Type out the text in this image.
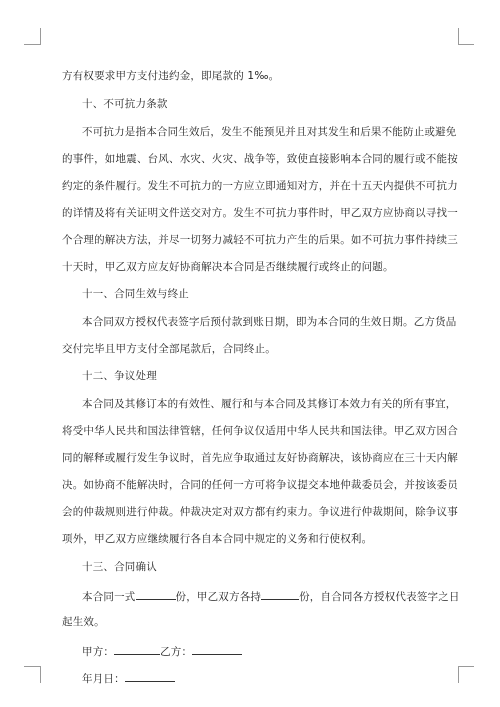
方有权要求甲方支付违约金，即尾款的 1‰。

十、不可抗力条款

不可抗力是指本合同生效后，发生不能预见并且对其发生和后果不能防止或避免

的事件，如地震、台风、水灾、火灾、战争等，致使直接影响本合同的履行或不能按

约定的条件履行。发生不可抗力的一方应立即通知对方，并在十五天内提供不可抗力

的详情及将有关证明文件送交对方。发生不可抗力事件时，甲乙双方应协商以寻找一

个合理的解决方法，并尽一切努力减轻不可抗力产生的后果。如不可抗力事件持续三

十天时，甲乙双方应友好协商解决本合同是否继续履行或终止的问题。

十一、合同生效与终止

本合同双方授权代表签字后预付款到账日期，即为本合同的生效日期。乙方货品

交付完毕且甲方支付全部尾款后，合同终止。

十二、争议处理

本合同及其修订本的有效性、履行和与本合同及其修订本效力有关的所有事宜，

将受中华人民共和国法律管辖，任何争议仅适用中华人民共和国法律。甲乙双方因合

同的解释或履行发生争议时，首先应争取通过友好协商解决，该协商应在三十天内解

决。如协商不能解决时，合同的任何一方可将争议提交本地仲裁委员会，并按该委员

会的仲裁规则进行仲裁。仲裁决定对双方都有约束力。争议进行仲裁期间，除争议事

项外，甲乙双方应继续履行各自本合同中规定的义务和行使权利。

十三、合同确认

本合同一式	份，甲乙双方各持	份，自合同各方授权代表签字之日

起生效。

甲方：	乙方：

年月日：
